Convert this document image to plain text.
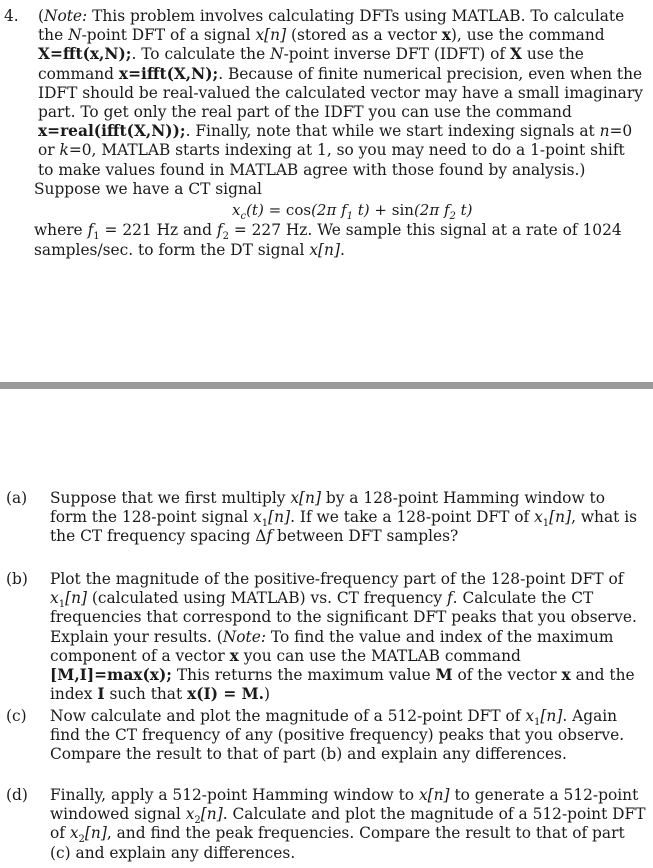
4. (Note: This problem involves calculating DFTs using MATLAB. To calculate the N-point DFT of a signal x[n] (stored as a vector x), use the command X=fft(x,N);. To calculate the N-point inverse DFT (IDFT) of X use the command x=ifft(X,N);. Because of finite numerical precision, even when the IDFT should be real-valued the calculated vector may have a small imaginary part. To get only the real part of the IDFT you can use the command x=real(ifft(X,N));. Finally, note that while we start indexing signals at n=0 or k=0, MATLAB starts indexing at 1, so you may need to do a 1-point shift to make values found in MATLAB agree with those found by analysis.)
Suppose we have a CT signal
$x_c(t) = \cos(2\pi$ $f_1$ t) + sin(2π $f_2$ t)
where $f_1 = 221$ Hz and $f_2 = 227$ Hz. We sample this signal at a rate of 1024 samples/sec. to form the DT signal x[n].
(a) Suppose that we first multiply x[n] by a 128-point Hamming window to form the 128-point signal $x_1[n]$. If we take a 128-point DFT of $x_1[n]$, what is the CT frequency spacing Δf between DFT samples?
(b) Plot the magnitude of the positive-frequency part of the 128-point DFT of $x_1[n]$ (calculated using MATLAB) vs. CT frequency f. Calculate the CT frequencies that correspond to the significant DFT peaks that you observe. Explain your results. (Note: To find the value and index of the maximum component of a vector x you can use the MATLAB command [M,I]=max(x); This returns the maximum value M of the vector x and the index I such that x(I) = M.)
(c) Now calculate and plot the magnitude of a 512-point DFT of $x_1[n]$. Again find the CT frequency of any (positive frequency) peaks that you observe. Compare the result to that of part (b) and explain any differences.
(d) Finally, apply a 512-point Hamming window to x[n] to generate a 512-point windowed signal $x_2[n]$. Calculate and plot the magnitude of a 512-point DFT of $x_2[n]$, and find the peak frequencies. Compare the result to that of part (c) and explain any differences.
